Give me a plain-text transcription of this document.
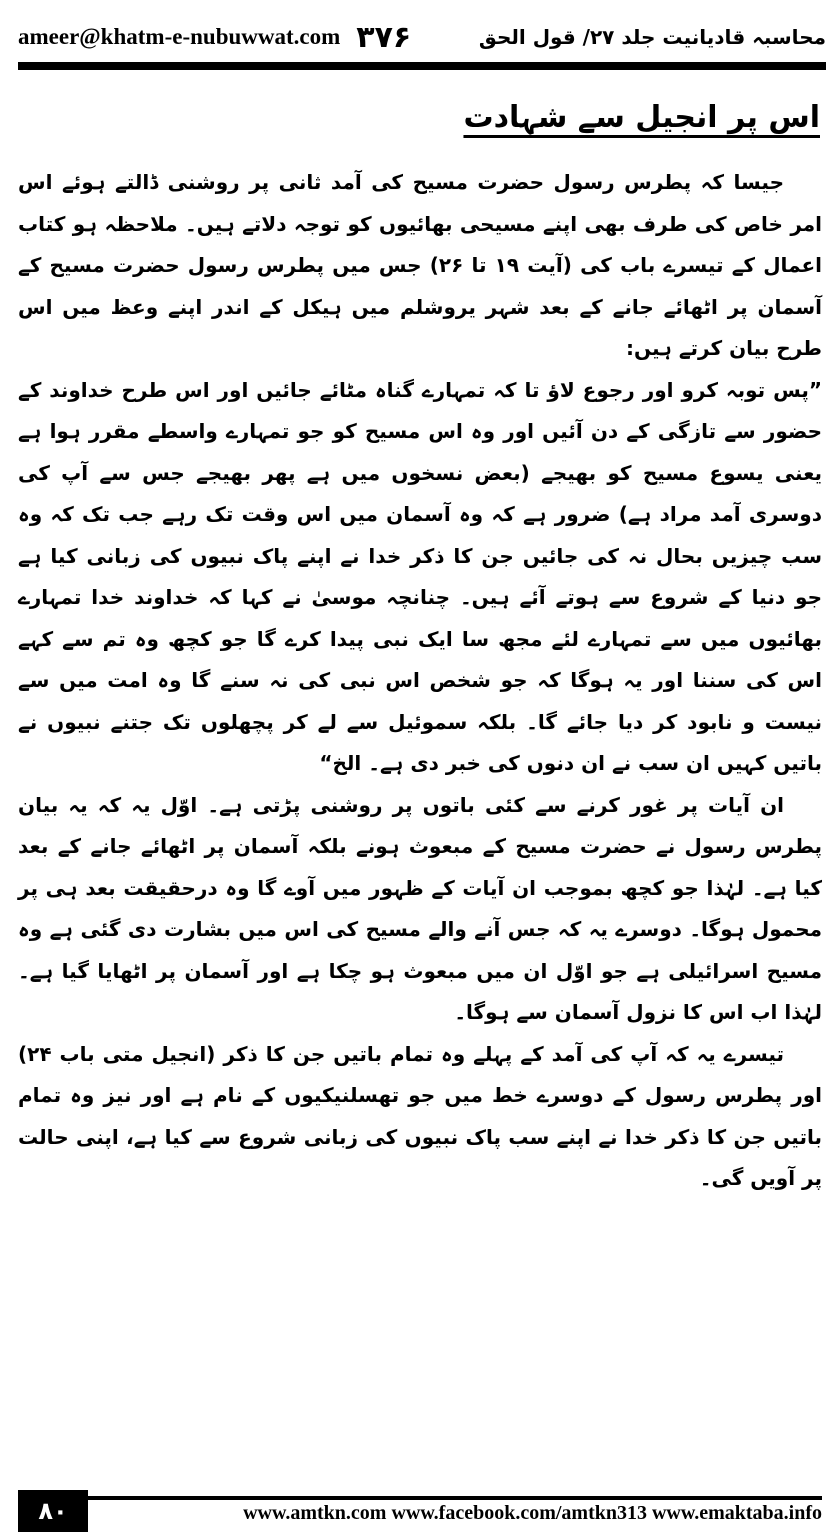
ameer@khatm-e-nubuwwat.com ۳۷۶	محاسبہ قادیانیت جلد ۲۷/ قول الحق
اس پر انجیل سے شہادت

جیسا کہ پطرس رسول حضرت مسیح کی آمد ثانی پر روشنی ڈالتے ہوئے اس امر خاص کی طرف بھی اپنے مسیحی بھائیوں کو توجہ دلاتے ہیں۔ ملاحظہ ہو کتاب اعمال کے تیسرے باب کی (آیت ۱۹ تا ۲۶) جس میں پطرس رسول حضرت مسیح کے آسمان پر اٹھائے جانے کے بعد شہر یروشلم میں ہیکل کے اندر اپنے وعظ میں اس طرح بیان کرتے ہیں:

”پس توبہ کرو اور رجوع لاؤ تا کہ تمہارے گناہ مٹائے جائیں اور اس طرح خداوند کے حضور سے تازگی کے دن آئیں اور وہ اس مسیح کو جو تمہارے واسطے مقرر ہوا ہے یعنی یسوع مسیح کو بھیجے (بعض نسخوں میں ہے پھر بھیجے جس سے آپ کی دوسری آمد مراد ہے) ضرور ہے کہ وہ آسمان میں اس وقت تک رہے جب تک کہ وہ سب چیزیں بحال نہ کی جائیں جن کا ذکر خدا نے اپنے پاک نبیوں کی زبانی کیا ہے جو دنیا کے شروع سے ہوتے آئے ہیں۔ چنانچہ موسیٰ نے کہا کہ خداوند خدا تمہارے بھائیوں میں سے تمہارے لئے مجھ سا ایک نبی پیدا کرے گا جو کچھ وہ تم سے کہے اس کی سننا اور یہ ہوگا کہ جو شخص اس نبی کی نہ سنے گا وہ امت میں سے نیست و نابود کر دیا جائے گا۔ بلکہ سموئیل سے لے کر پچھلوں تک جتنے نبیوں نے باتیں کہیں ان سب نے ان دنوں کی خبر دی ہے۔ الخ“

ان آیات پر غور کرنے سے کئی باتوں پر روشنی پڑتی ہے۔ اوّل یہ کہ یہ بیان پطرس رسول نے حضرت مسیح کے مبعوث ہونے بلکہ آسمان پر اٹھائے جانے کے بعد کیا ہے۔ لہٰذا جو کچھ بموجب ان آیات کے ظہور میں آوے گا وہ درحقیقت بعد ہی پر محمول ہوگا۔ دوسرے یہ کہ جس آنے والے مسیح کی اس میں بشارت دی گئی ہے وہ مسیح اسرائیلی ہے جو اوّل ان میں مبعوث ہو چکا ہے اور آسمان پر اٹھایا گیا ہے۔ لہٰذا اب اس کا نزول آسمان سے ہوگا۔

تیسرے یہ کہ آپ کی آمد کے پہلے وہ تمام باتیں جن کا ذکر (انجیل متی باب ۲۴) اور پطرس رسول کے دوسرے خط میں جو تھسلنیکیوں کے نام ہے اور نیز وہ تمام باتیں جن کا ذکر خدا نے اپنے سب پاک نبیوں کی زبانی شروع سے کیا ہے، اپنی حالت پر آویں گی۔

۸۰	www.amtkn.com www.facebook.com/amtkn313 www.emaktaba.info
